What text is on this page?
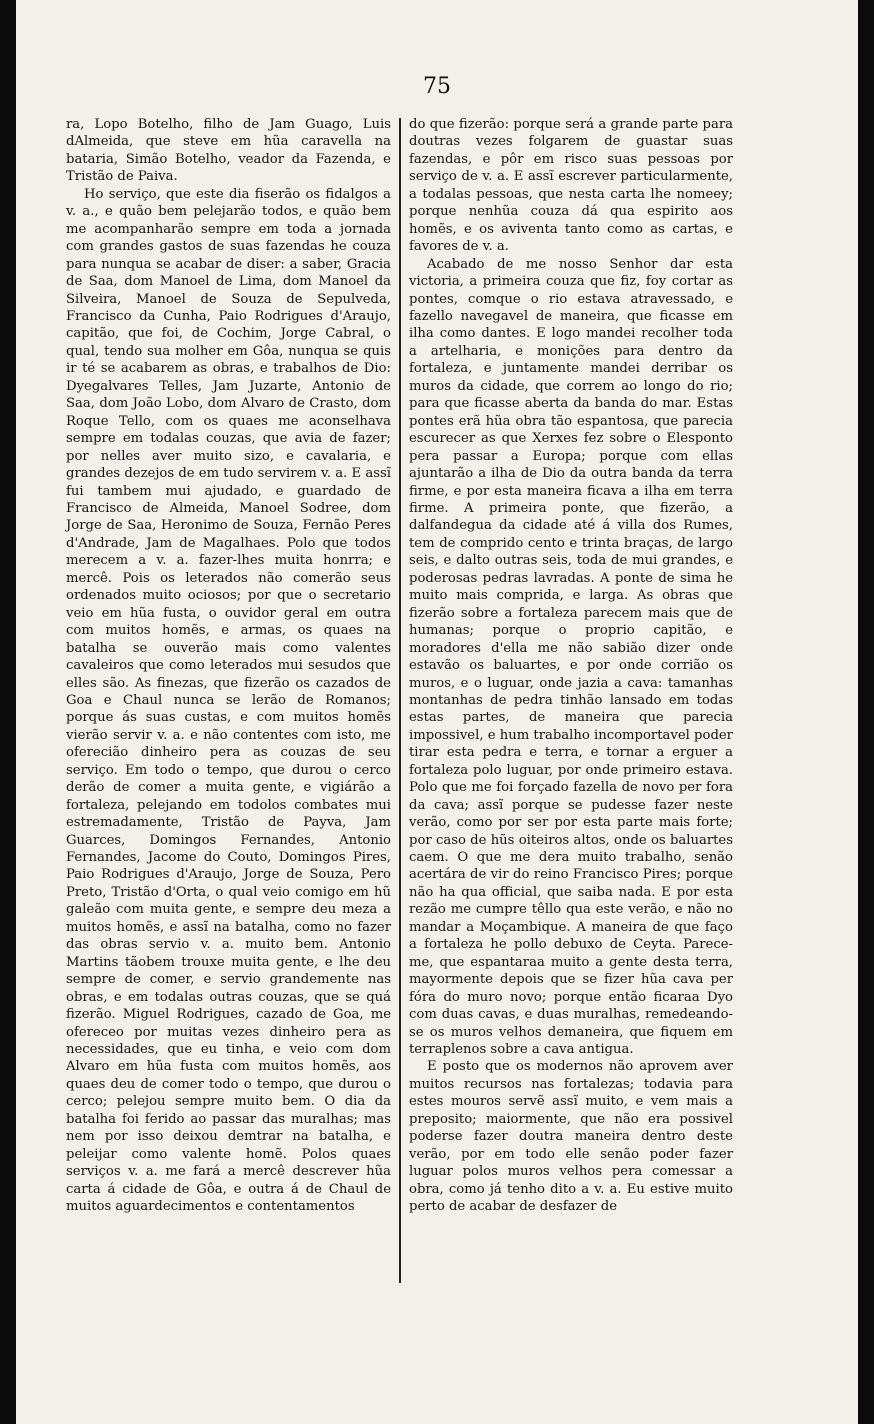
75

ra, Lopo Botelho, filho de Jam Guago, Luis dAlmeida, que steve em hũa caravella na bataria, Simão Botelho, veador da Fazenda, e Tristão de Paiva.

Ho serviço, que este dia fiserão os fidalgos a v. a., e quão bem pelejarão todos, e quão bem me acompanharão sempre em toda a jornada com grandes gastos de suas fazendas he couza para nunqua se acabar de diser: a saber, Gracia de Saa, dom Manoel de Lima, dom Manoel da Silveira, Manoel de Souza de Sepulveda, Francisco da Cunha, Paio Rodrigues d'Araujo, capitão, que foi, de Cochim, Jorge Cabral, o qual, tendo sua molher em Gôa, nunqua se quis ir té se acabarem as obras, e trabalhos de Dio: Dyegalvares Telles, Jam Juzarte, Antonio de Saa, dom João Lobo, dom Alvaro de Crasto, dom Roque Tello, com os quaes me aconselhava sempre em todalas couzas, que avia de fazer; por nelles aver muito sizo, e cavalaria, e grandes dezejos de em tudo servirem v. a. E assĩ fui tambem mui ajudado, e guardado de Francisco de Almeida, Manoel Sodree, dom Jorge de Saa, Heronimo de Souza, Fernão Peres d'Andrade, Jam de Magalhaes. Polo que todos merecem a v. a. fazer-lhes muita honrra; e mercê. Pois os leterados não comerão seus ordenados muito ociosos; por que o secretario veio em hũa fusta, o ouvidor geral em outra com muitos homẽs, e armas, os quaes na batalha se ouverão mais como valentes cavaleiros que como leterados mui sesudos que elles são. As finezas, que fizerão os cazados de Goa e Chaul nunca se lerão de Romanos; porque ás suas custas, e com muitos homẽs vierão servir v. a. e não contentes com isto, me oferecião dinheiro pera as couzas de seu serviço. Em todo o tempo, que durou o cerco derão de comer a muita gente, e vigiárão a fortaleza, pelejando em todolos combates mui estremadamente, Tristão de Payva, Jam Guarces, Domingos Fernandes, Antonio Fernandes, Jacome do Couto, Domingos Pires, Paio Rodrigues d'Araujo, Jorge de Souza, Pero Preto, Tristão d'Orta, o qual veio comigo em hũ galeão com muita gente, e sempre deu meza a muitos homẽs, e assĩ na batalha, como no fazer das obras servio v. a. muito bem. Antonio Martins tãobem trouxe muita gente, e lhe deu sempre de comer, e servio grandemente nas obras, e em todalas outras couzas, que se quá fizerão. Miguel Rodrigues, cazado de Goa, me ofereceo por muitas vezes dinheiro pera as necessidades, que eu tinha, e veio com dom Alvaro em hũa fusta com muitos homẽs, aos quaes deu de comer todo o tempo, que durou o cerco; pelejou sempre muito bem. O dia da batalha foi ferido ao passar das muralhas; mas nem por isso deixou demtrar na batalha, e peleijar como valente homẽ. Polos quaes serviços v. a. me fará a mercê descrever hũa carta á cidade de Gôa, e outra á de Chaul de muitos aguardecimentos e contentamentos

do que fizerão: porque será a grande parte para doutras vezes folgarem de guastar suas fazendas, e pôr em risco suas pessoas por serviço de v. a. E assĩ escrever particularmente, a todalas pessoas, que nesta carta lhe nomeey; porque nenhũa couza dá qua espirito aos homẽs, e os aviventa tanto como as cartas, e favores de v. a.

Acabado de me nosso Senhor dar esta victoria, a primeira couza que fiz, foy cortar as pontes, comque o rio estava atravessado, e fazello navegavel de maneira, que ficasse em ilha como dantes. E logo mandei recolher toda a artelharia, e monições para dentro da fortaleza, e juntamente mandei derribar os muros da cidade, que correm ao longo do rio; para que ficasse aberta da banda do mar. Estas pontes erã hũa obra tão espantosa, que parecia escurecer as que Xerxes fez sobre o Elesponto pera passar a Europa; porque com ellas ajuntarão a ilha de Dio da outra banda da terra firme, e por esta maneira ficava a ilha em terra firme. A primeira ponte, que fizerão, a dalfandegua da cidade até á villa dos Rumes, tem de comprido cento e trinta braças, de largo seis, e dalto outras seis, toda de mui grandes, e poderosas pedras lavradas. A ponte de sima he muito mais comprida, e larga. As obras que fizerão sobre a fortaleza parecem mais que de humanas; porque o proprio capitão, e moradores d'ella me não sabião dizer onde estavão os baluartes, e por onde corrião os muros, e o luguar, onde jazia a cava: tamanhas montanhas de pedra tinhão lansado em todas estas partes, de maneira que parecia impossivel, e hum trabalho incomportavel poder tirar esta pedra e terra, e tornar a erguer a fortaleza polo luguar, por onde primeiro estava. Polo que me foi forçado fazella de novo per fora da cava; assĩ porque se pudesse fazer neste verão, como por ser por esta parte mais forte; por caso de hũs oiteiros altos, onde os baluartes caem. O que me dera muito trabalho, senão acertára de vir do reino Francisco Pires; porque não ha qua official, que saiba nada. E por esta rezão me cumpre têllo qua este verão, e não no mandar a Moçambique. A maneira de que faço a fortaleza he pollo debuxo de Ceyta. Parece-me, que espantaraa muito a gente desta terra, mayormente depois que se fizer hũa cava per fóra do muro novo; porque então ficaraa Dyo com duas cavas, e duas muralhas, remedeando-se os muros velhos demaneira, que fiquem em terraplenos sobre a cava antigua.

E posto que os modernos não aprovem aver muitos recursos nas fortalezas; todavia para estes mouros servẽ assĩ muito, e vem mais a preposito; maiormente, que não era possivel poderse fazer doutra maneira dentro deste verão, por em todo elle senão poder fazer luguar polos muros velhos pera comessar a obra, como já tenho dito a v. a. Eu estive muito perto de acabar de desfazer de
